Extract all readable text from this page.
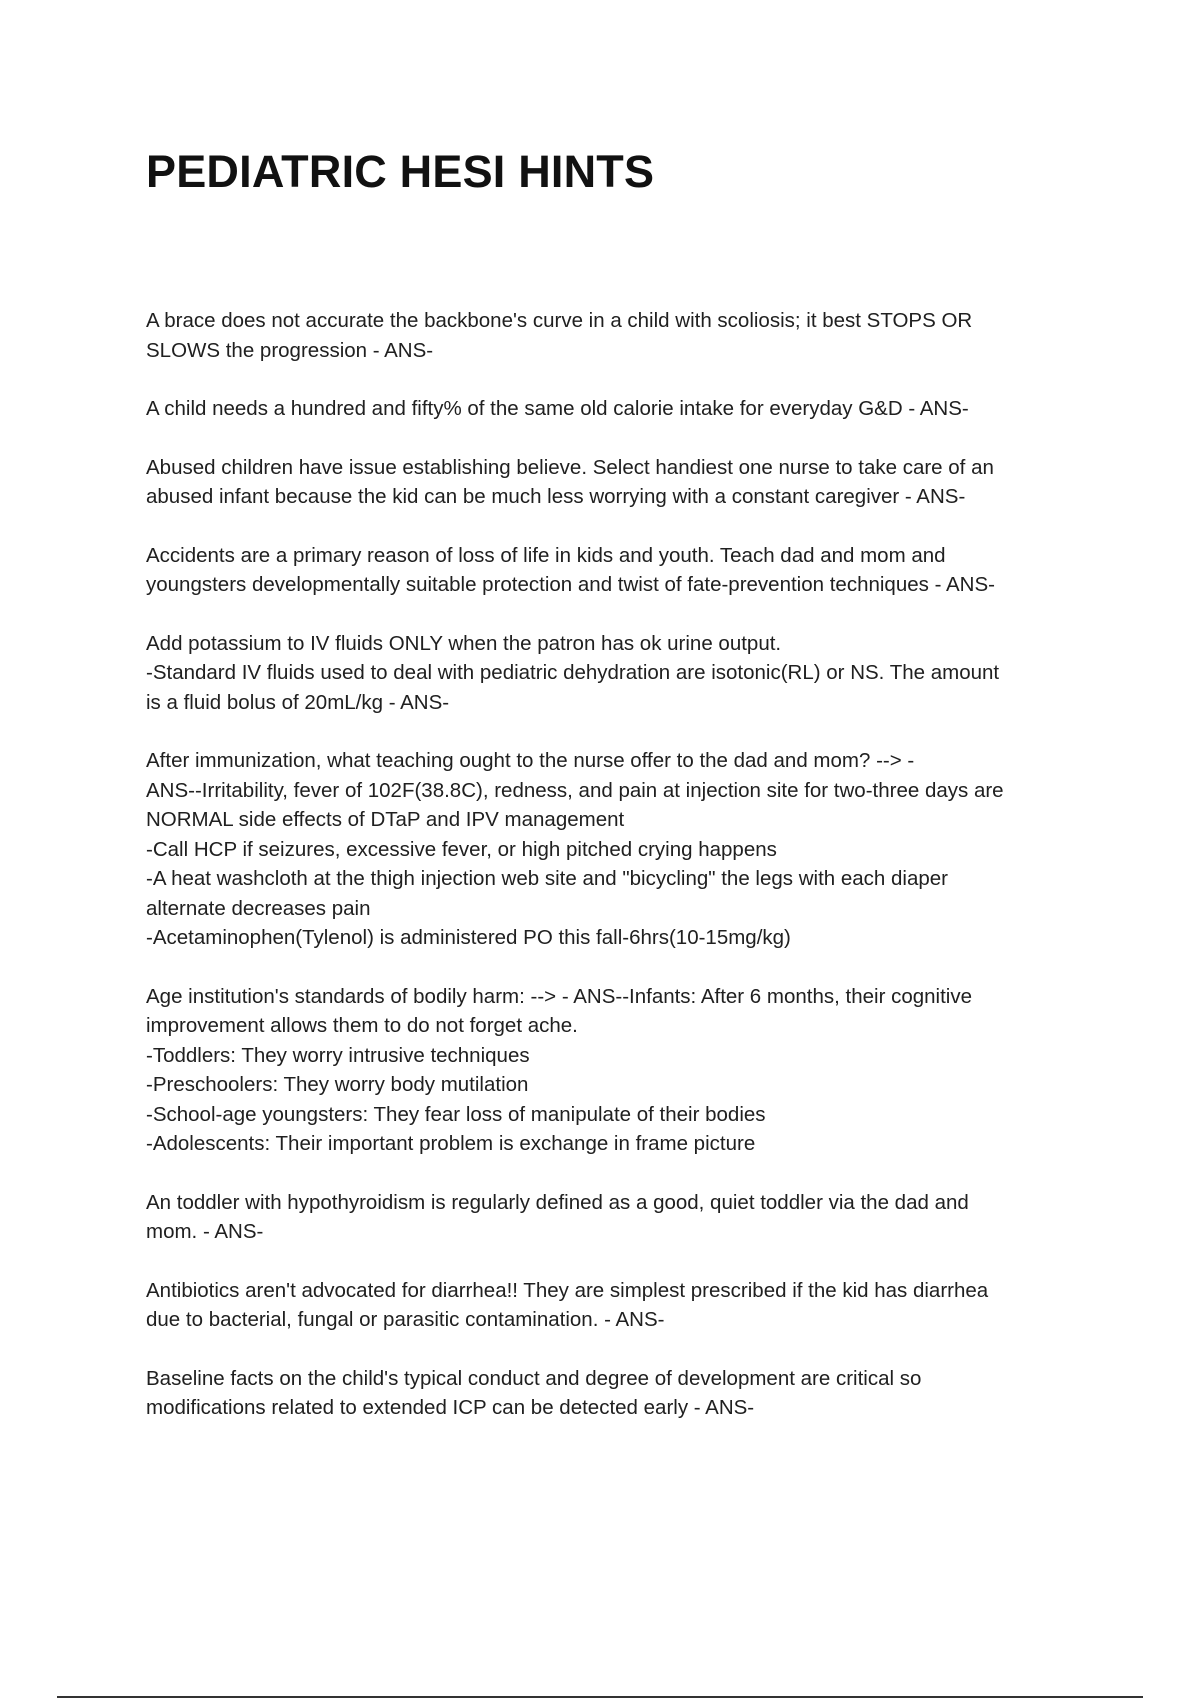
PEDIATRIC HESI HINTS
A brace does not accurate the backbone's curve in a child with scoliosis; it best STOPS OR
SLOWS the progression - ANS-
A child needs a hundred and fifty% of the same old calorie intake for everyday G&D - ANS-
Abused children have issue establishing believe. Select handiest one nurse to take care of an
abused infant because the kid can be much less worrying with a constant caregiver - ANS-
Accidents are a primary reason of loss of life in kids and youth. Teach dad and mom and
youngsters developmentally suitable protection and twist of fate-prevention techniques - ANS-
Add potassium to IV fluids ONLY when the patron has ok urine output.
-Standard IV fluids used to deal with pediatric dehydration are isotonic(RL) or NS. The amount
is a fluid bolus of 20mL/kg - ANS-
After immunization, what teaching ought to the nurse offer to the dad and mom? --> -
ANS--Irritability, fever of 102F(38.8C), redness, and pain at injection site for two-three days are
NORMAL side effects of DTaP and IPV management
-Call HCP if seizures, excessive fever, or high pitched crying happens
-A heat washcloth at the thigh injection web site and "bicycling" the legs with each diaper
alternate decreases pain
-Acetaminophen(Tylenol) is administered PO this fall-6hrs(10-15mg/kg)
Age institution's standards of bodily harm: --> - ANS--Infants: After 6 months, their cognitive
improvement allows them to do not forget ache.
-Toddlers: They worry intrusive techniques
-Preschoolers: They worry body mutilation
-School-age youngsters: They fear loss of manipulate of their bodies
-Adolescents: Their important problem is exchange in frame picture
An toddler with hypothyroidism is regularly defined as a good, quiet toddler via the dad and
mom. - ANS-
Antibiotics aren't advocated for diarrhea!! They are simplest prescribed if the kid has diarrhea
due to bacterial, fungal or parasitic contamination. - ANS-
Baseline facts on the child's typical conduct and degree of development are critical so
modifications related to extended ICP can be detected early - ANS-
